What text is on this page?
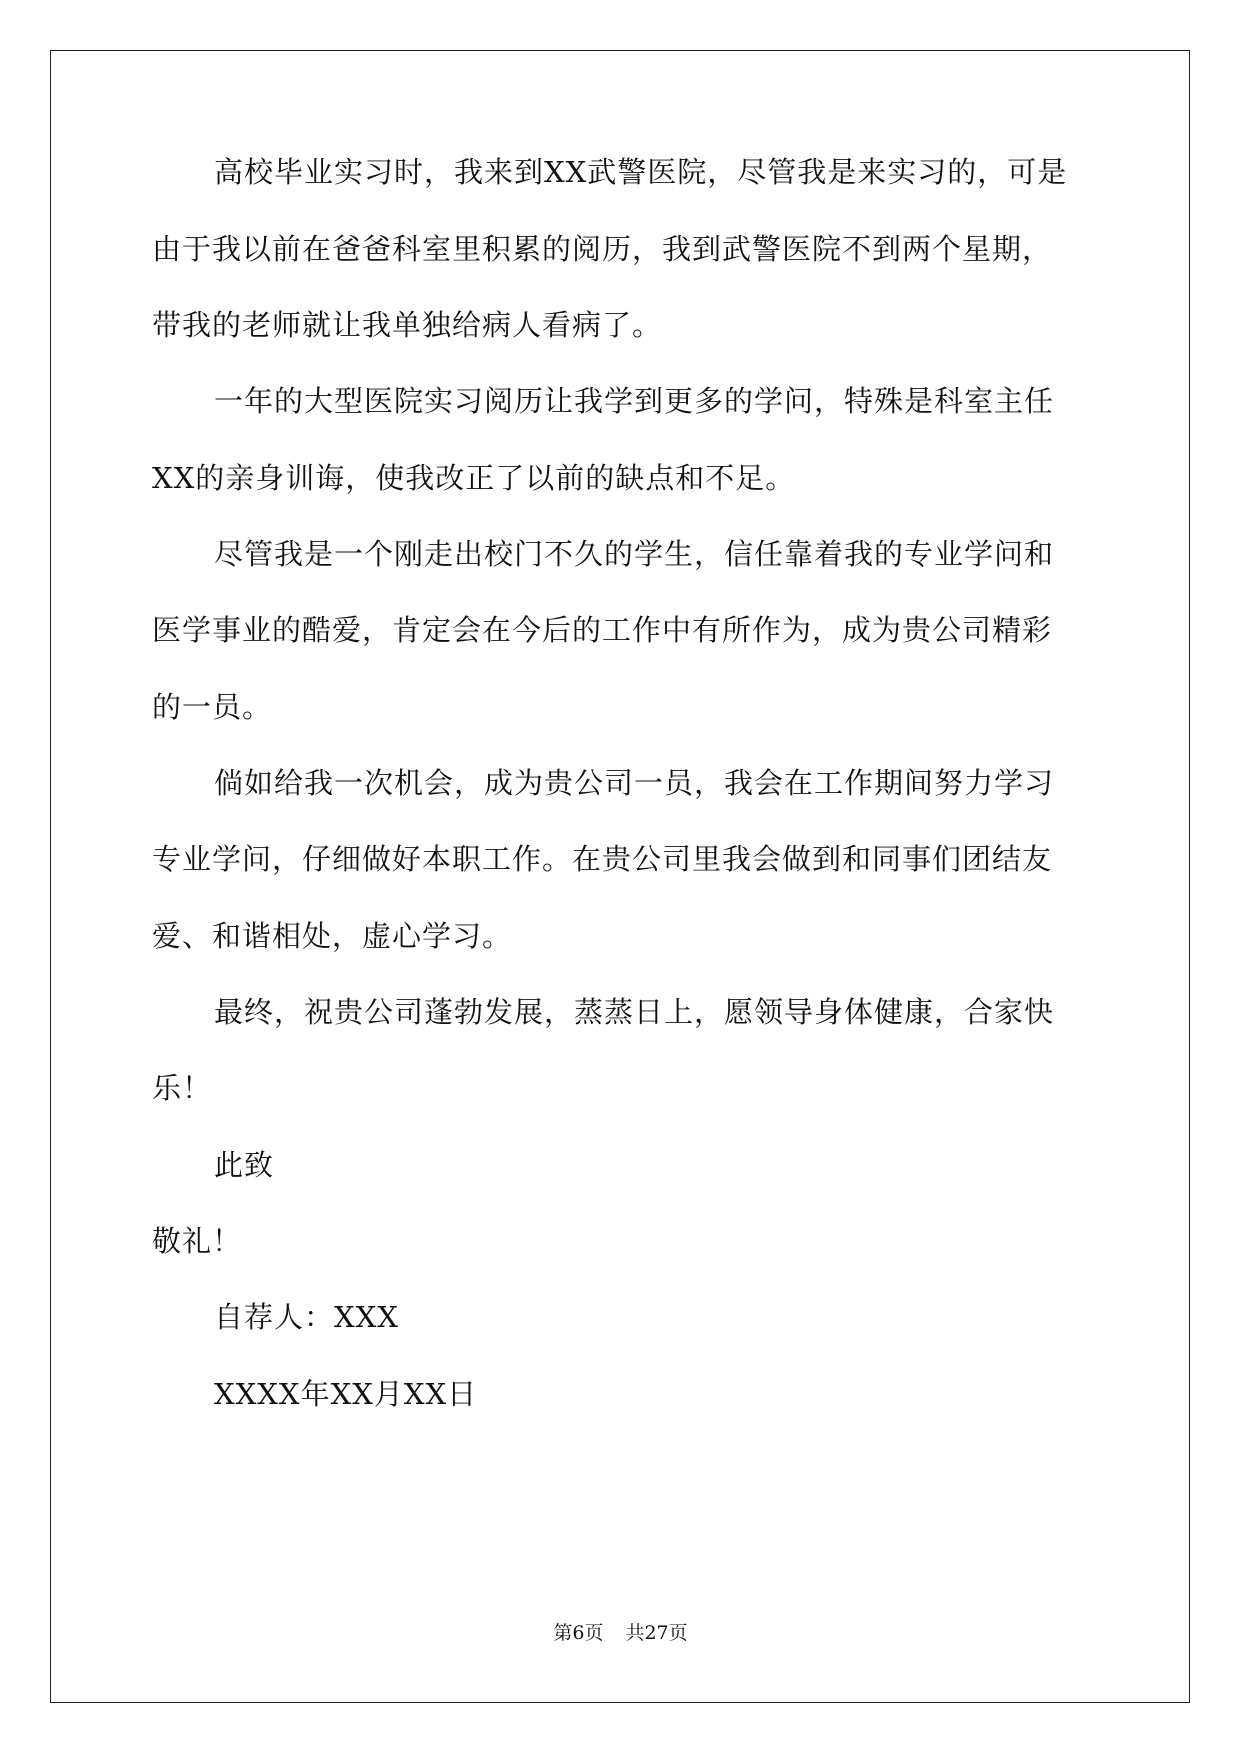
高校毕业实习时，我来到XX武警医院，尽管我是来实习的，可是
由于我以前在爸爸科室里积累的阅历，我到武警医院不到两个星期，
带我的老师就让我单独给病人看病了。
一年的大型医院实习阅历让我学到更多的学问，特殊是科室主任
XX的亲身训诲，使我改正了以前的缺点和不足。
尽管我是一个刚走出校门不久的学生，信任靠着我的专业学问和
医学事业的酷爱，肯定会在今后的工作中有所作为，成为贵公司精彩
的一员。
倘如给我一次机会，成为贵公司一员，我会在工作期间努力学习
专业学问，仔细做好本职工作。在贵公司里我会做到和同事们团结友
爱、和谐相处，虚心学习。
最终，祝贵公司蓬勃发展，蒸蒸日上，愿领导身体健康，合家快
乐！
此致
敬礼！
自荐人：XXX
XXXX年XX月XX日
第6页 共27页
